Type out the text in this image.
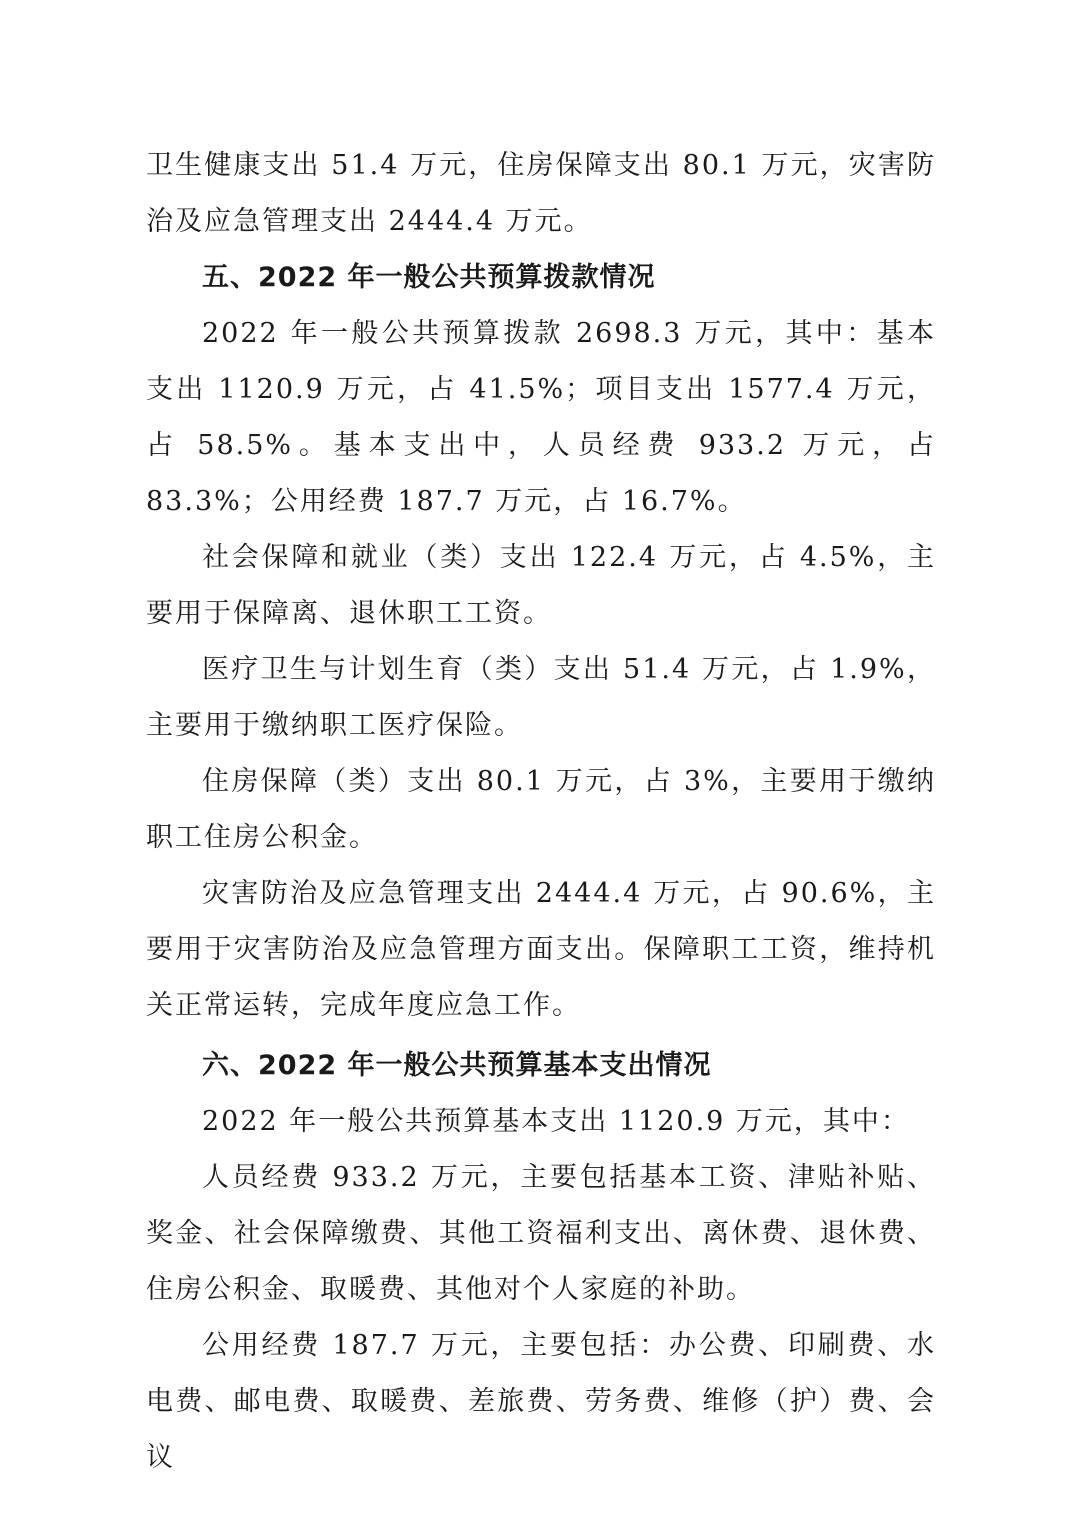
卫生健康支出 51.4 万元，住房保障支出 80.1 万元，灾害防治及应急管理支出 2444.4 万元。

五、2022 年一般公共预算拨款情况

2022 年一般公共预算拨款 2698.3 万元，其中：基本支出 1120.9 万元，占 41.5%；项目支出 1577.4 万元，占 58.5%。基本支出中，人员经费 933.2 万元，占 83.3%；公用经费 187.7 万元，占 16.7%。

社会保障和就业（类）支出 122.4 万元，占 4.5%，主要用于保障离、退休职工工资。

医疗卫生与计划生育（类）支出 51.4 万元，占 1.9%，主要用于缴纳职工医疗保险。

住房保障（类）支出 80.1 万元，占 3%，主要用于缴纳职工住房公积金。

灾害防治及应急管理支出 2444.4 万元，占 90.6%，主要用于灾害防治及应急管理方面支出。保障职工工资，维持机关正常运转，完成年度应急工作。

六、2022 年一般公共预算基本支出情况

2022 年一般公共预算基本支出 1120.9 万元，其中：

人员经费 933.2 万元，主要包括基本工资、津贴补贴、奖金、社会保障缴费、其他工资福利支出、离休费、退休费、住房公积金、取暖费、其他对个人家庭的补助。

公用经费 187.7 万元，主要包括：办公费、印刷费、水电费、邮电费、取暖费、差旅费、劳务费、维修（护）费、会议
